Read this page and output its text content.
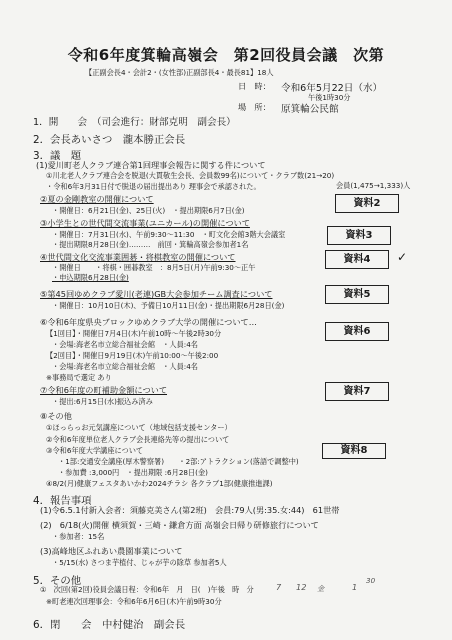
令和6年度箕輪高嶺会　第2回役員会議　次第
【正副会長4・会計2・(女性部)正副部長4・最長81】18人
日　時： 令和6年5月22日（水）
午後1時30分
場　所： 原箕輪公民館
1．開　　会　（司会進行：財部克明　副会長）
2．会長あいさつ　瀧本勝正会長
3．議　題
(1)愛川町老人クラブ連合第1回理事会報告に関する件について
①川北老人クラブ連合会を脱退(大貫敬生会長、会員数99名)について・クラブ数(21→20)
・令和6年3月31日付で脱退の届出提出あり 理事会で承認された。	会員(1,475→1,333)人
②夏の金剛教室の開催について
・開催日：6月21日(金)、25日(火)　・提出期限6月7日(金)
資料2
③小学生との世代間交流事業(ユニカール)の開催について
・開催日：7月31日(水)、午前9:30～11:30　・町文化会館3階大会議室
・提出期限8月28日(金)………　前回・箕輪高嶺会参加者1名
資料3
④世代間文化交流事業囲碁・将棋教室の開催について
・開催日　　・将棋・囲碁教室　：8月5日(月)午前9:30～正午
・申込期限6月28日(金)
資料4	✓
⑤第45回ゆめクラブ愛川(老連)GB大会参加チーム調査について
・開催日：10月10日(木)、予備日10月11日(金)・提出期限6月28日(金)
資料5
⑥令和6年度県央ブロックゆめクラブ大学の開催について…
【1回目】・開催日7月4日(木)午前10時～午後2時30分
・会場:海老名市立総合福祉会館　・人員:4名
【2回目】・開催日9月19日(木)午前10:00～午後2:00
・会場:海老名市立総合福祉会館　・人員:4名
※事務局で選定 あり
資料6
⑦令和6年度の町補助金額について
・提出:6月15日(水)振込み済み
資料7
⑧その他
①ほっらっお元気講座について（地域包括支援センター）
②令和6年度単位老人クラブ会長連絡先等の提出について
資料8
③令和6年度大学講座について
・1部:交通安全講座(厚木警察署)　　・2部:アトラクション(落語で調整中)
・参加費 :3,000円　・提出期限 :6月28日(金)
④8/2(月)健康フェスタあいかわ2024チラシ 各クラブ1部(健康推進課)
4．報告事項
(1)令6.5.1付新入会者：須藤克美さん(第2班)　会員:79人(男:35.女:44)　61世帯
(2)　6/18(火)開催 横須賀・三崎・鎌倉方面 高嶺会日帰り研修旅行について
・参加者：15名
(3)高峰地区ふれあい農園事業について
・5/15(水) さつま芋植付、じゃが芋の除草 参加者5人
5．その他
①　次回(第2回)役員会議日程：令和6年　月　日(　)午後　時　分	7 12 金	1
30
※町老連次回理事会：令和6年6月6日(木)午前9時30分
6．閉　　会　中村健治　副会長
